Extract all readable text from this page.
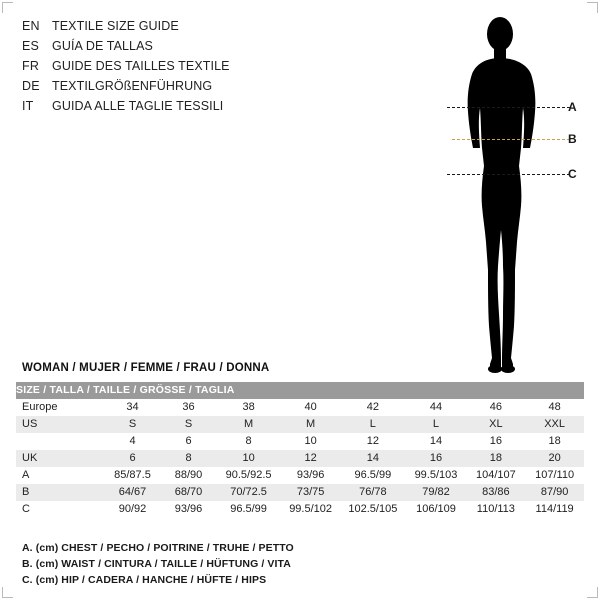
EN TEXTILE SIZE GUIDE
ES	GUÍA DE TALLAS
FR	GUIDE DES TAILLES TEXTILE
DE TEXTILGRÖßENFÜHRUNG
IT	GUIDA ALLE TAGLIE TESSILI	A
B
C
WOMAN / MUJER / FEMME / FRAU / DONNA
SIZE / TALLA / TAILLE / GRÖSSE / TAGLIA								
Europe	34	36	38	40	42	44	46	48
US	S	S	M	M	L	L	XL	XXL
	4	6	8	10	12	14	16	18
UK	6	8	10	12	14	16	18	20
A	85/87.5	88/90	90.5/92.5	93/96	96.5/99	99.5/103	104/107	107/110
B	64/67	68/70	70/72.5	73/75	76/78	79/82	83/86	87/90
C	90/92	93/96	96.5/99	99.5/102	102.5/105	106/109	110/113	114/119
A. (cm) CHEST / PECHO / POITRINE / TRUHE / PETTO
B. (cm) WAIST / CINTURA / TAILLE / HÜFTUNG / VITA
C. (cm) HIP / CADERA / HANCHE / HÜFTE / HIPS
